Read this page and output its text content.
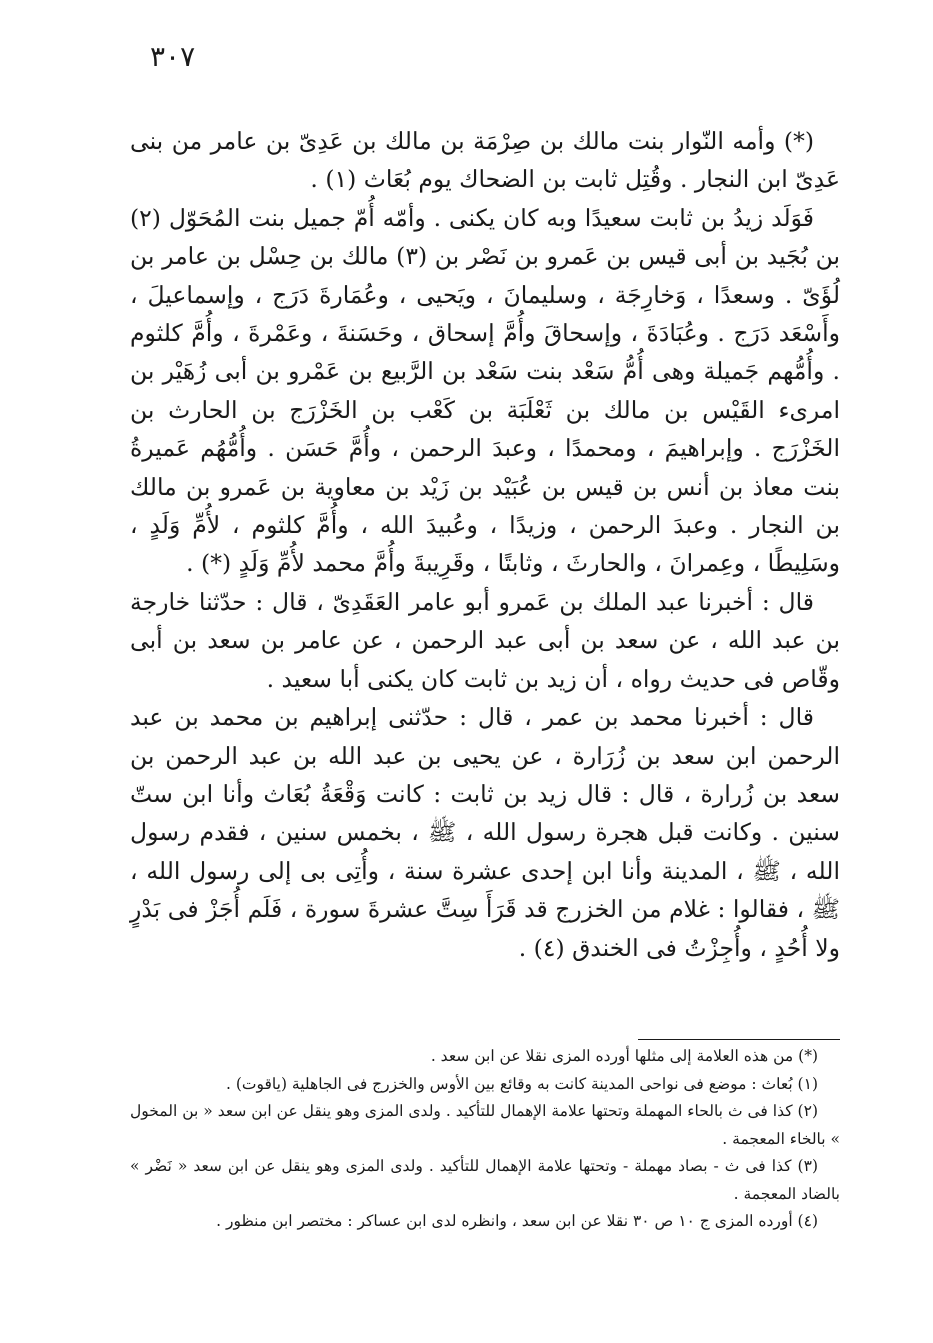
٣٠٧

(*) وأمه النّوار بنت مالك بن صِرْمَة بن مالك بن عَدِىّ بن عامر من بنى عَدِىّ ابن النجار . وقُتِل ثابت بن الضحاك يوم بُعَاث (١) .

فَوَلَد زيدُ بن ثابت سعيدًا وبه كان يكنى . وأمّه أُمّ جميل بنت المُحَوّل (٢) بن بُجَيد بن أبى قيس بن عَمرو بن نَصْر بن (٣) مالك بن حِسْل بن عامر بن لُؤَىّ . وسعدًا ، وَخارِجَة ، وسليمانَ ، ويَحيى ، وعُمَارةَ دَرَج ، وإسماعيلَ ، وأَسْعَد دَرَج . وعُبَادَةَ ، وإسحاقَ وأُمَّ إسحاق ، وحَسَنةَ ، وعَمْرةَ ، وأُمَّ كلثوم . وأُمُّهم جَميلة وهى أُمُّ سَعْد بنت سَعْد بن الرَّبيع بن عَمْرو بن أبى زُهَيْر بن امرىء القَيْس بن مالك بن ثَعْلَبَة بن كَعْب بن الخَزْرَج بن الحارث بن الخَزْرَج . وإبراهيمَ ، ومحمدًا ، وعبدَ الرحمن ، وأُمَّ حَسَن . وأُمُّهُم عَميرةُ بنت معاذ بن أنس بن قيس بن عُبَيْد بن زَيْد بن معاوية بن عَمرو بن مالك بن النجار . وعبدَ الرحمن ، وزيدًا ، وعُبيدَ الله ، وأُمَّ كلثوم ، لأُمِّ وَلَدٍ ، وسَلِيطًا ، وعِمرانَ ، والحارثَ ، وثابتًا ، وقَرِيبةَ وأُمَّ محمد لأُمِّ وَلَدٍ (*) .

قال : أخبرنا عبد الملك بن عَمرو أبو عامر العَقَدِىّ ، قال : حدّثنا خارجة بن عبد الله ، عن سعد بن أبى عبد الرحمن ، عن عامر بن سعد بن أبى وقّاص فى حديث رواه ، أن زيد بن ثابت كان يكنى أبا سعيد .

قال : أخبرنا محمد بن عمر ، قال : حدّثنى إبراهيم بن محمد بن عبد الرحمن ابن سعد بن زُرَارة ، عن يحيى بن عبد الله بن عبد الرحمن بن سعد بن زُرارة ، قال : قال زيد بن ثابت : كانت وَقْعَةُ بُعَاث وأنا ابن ستّ سنين . وكانت قبل هجرة رسول الله ، ﷺ ، بخمس سنين ، فقدم رسول الله ، ﷺ ، المدينة وأنا ابن إحدى عشرة سنة ، وأُتِى بى إلى رسول الله ، ﷺ ، فقالوا : غلام من الخزرج قد قَرَأَ سِتَّ عشرةَ سورة ، فَلَم أُجَزْ فى بَدْرٍ ولا أُحُدٍ ، وأُجِزْتُ فى الخندق (٤) .

(*) من هذه العلامة إلى مثلها أورده المزى نقلا عن ابن سعد .

(١) بُعاث : موضع فى نواحى المدينة كانت به وقائع بين الأوس والخزرج فى الجاهلية (ياقوت) .

(٢) كذا فى ث بالحاء المهملة وتحتها علامة الإهمال للتأكيد . ولدى المزى وهو ينقل عن ابن سعد « بن المخول » بالخاء المعجمة .

(٣) كذا فى ث - بصاد مهملة - وتحتها علامة الإهمال للتأكيد . ولدى المزى وهو ينقل عن ابن سعد « نَضْر » بالضاد المعجمة .

(٤) أورده المزى ج ١٠ ص ٣٠ نقلا عن ابن سعد ، وانظره لدى ابن عساكر : مختصر ابن منظور .
